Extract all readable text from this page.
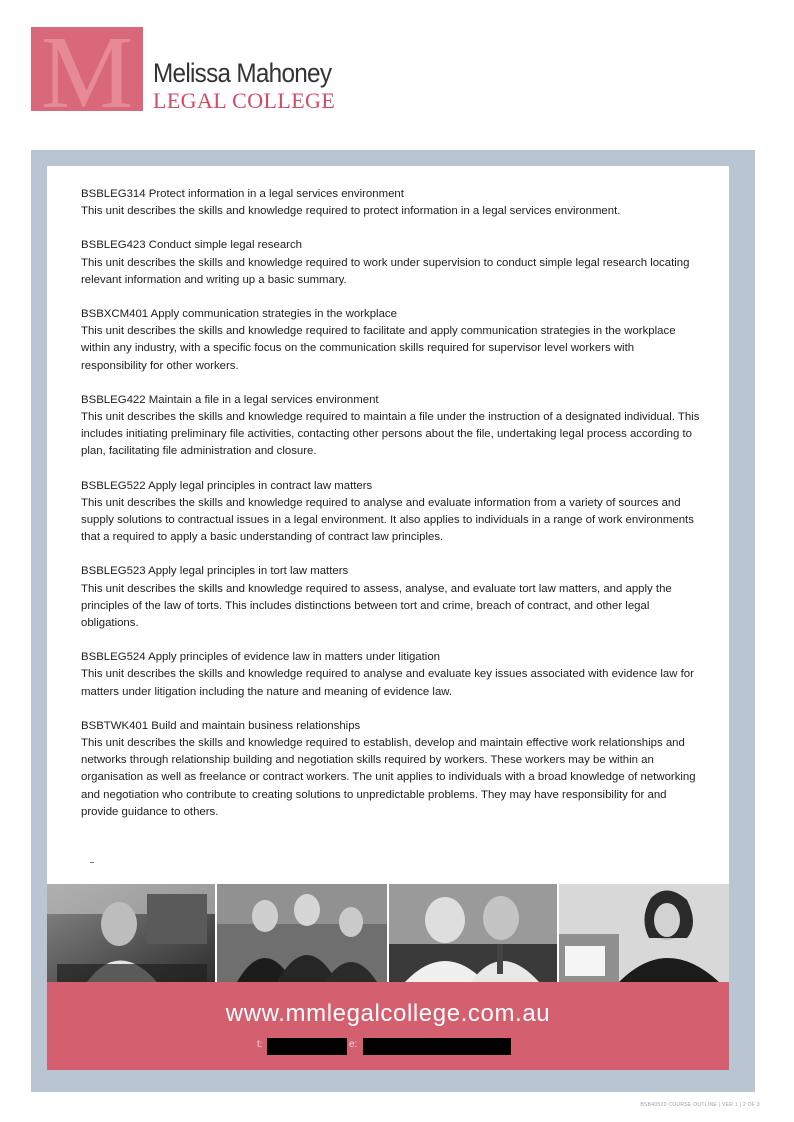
M Melissa Mahoney
LEGAL COLLEGE
BSBLEG314 Protect information in a legal services environment
This unit describes the skills and knowledge required to protect information in a legal services environment.
BSBLEG423 Conduct simple legal research
This unit describes the skills and knowledge required to work under supervision to conduct simple legal research locating relevant information and writing up a basic summary.
BSBXCM401 Apply communication strategies in the workplace
This unit describes the skills and knowledge required to facilitate and apply communication strategies in the workplace within any industry, with a specific focus on the communication skills required for supervisor level workers with responsibility for other workers.
BSBLEG422 Maintain a file in a legal services environment
This unit describes the skills and knowledge required to maintain a file under the instruction of a designated individual. This includes initiating preliminary file activities, contacting other persons about the file, undertaking legal process according to plan, facilitating file administration and closure.
BSBLEG522 Apply legal principles in contract law matters
This unit describes the skills and knowledge required to analyse and evaluate information from a variety of sources and supply solutions to contractual issues in a legal environment. It also applies to individuals in a range of work environments that a required to apply a basic understanding of contract law principles.
BSBLEG523 Apply legal principles in tort law matters
This unit describes the skills and knowledge required to assess, analyse, and evaluate tort law matters, and apply the principles of the law of torts. This includes distinctions between tort and crime, breach of contract, and other legal obligations.
BSBLEG524 Apply principles of evidence law in matters under litigation
This unit describes the skills and knowledge required to analyse and evaluate key issues associated with evidence law for matters under litigation including the nature and meaning of evidence law.
BSBTWK401 Build and maintain business relationships
This unit describes the skills and knowledge required to establish, develop and maintain effective work relationships and networks through relationship building and negotiation skills required by workers. These workers may be within an organisation as well as freelance or contract workers. The unit applies to individuals with a broad knowledge of networking and negotiation who contribute to creating solutions to unpredictable problems. They may have responsibility for and provide guidance to others.
www.mmlegalcollege.com.au
t:	e:
BSB40520 COURSE OUTLINE | VER 1 | 2 OF 3
